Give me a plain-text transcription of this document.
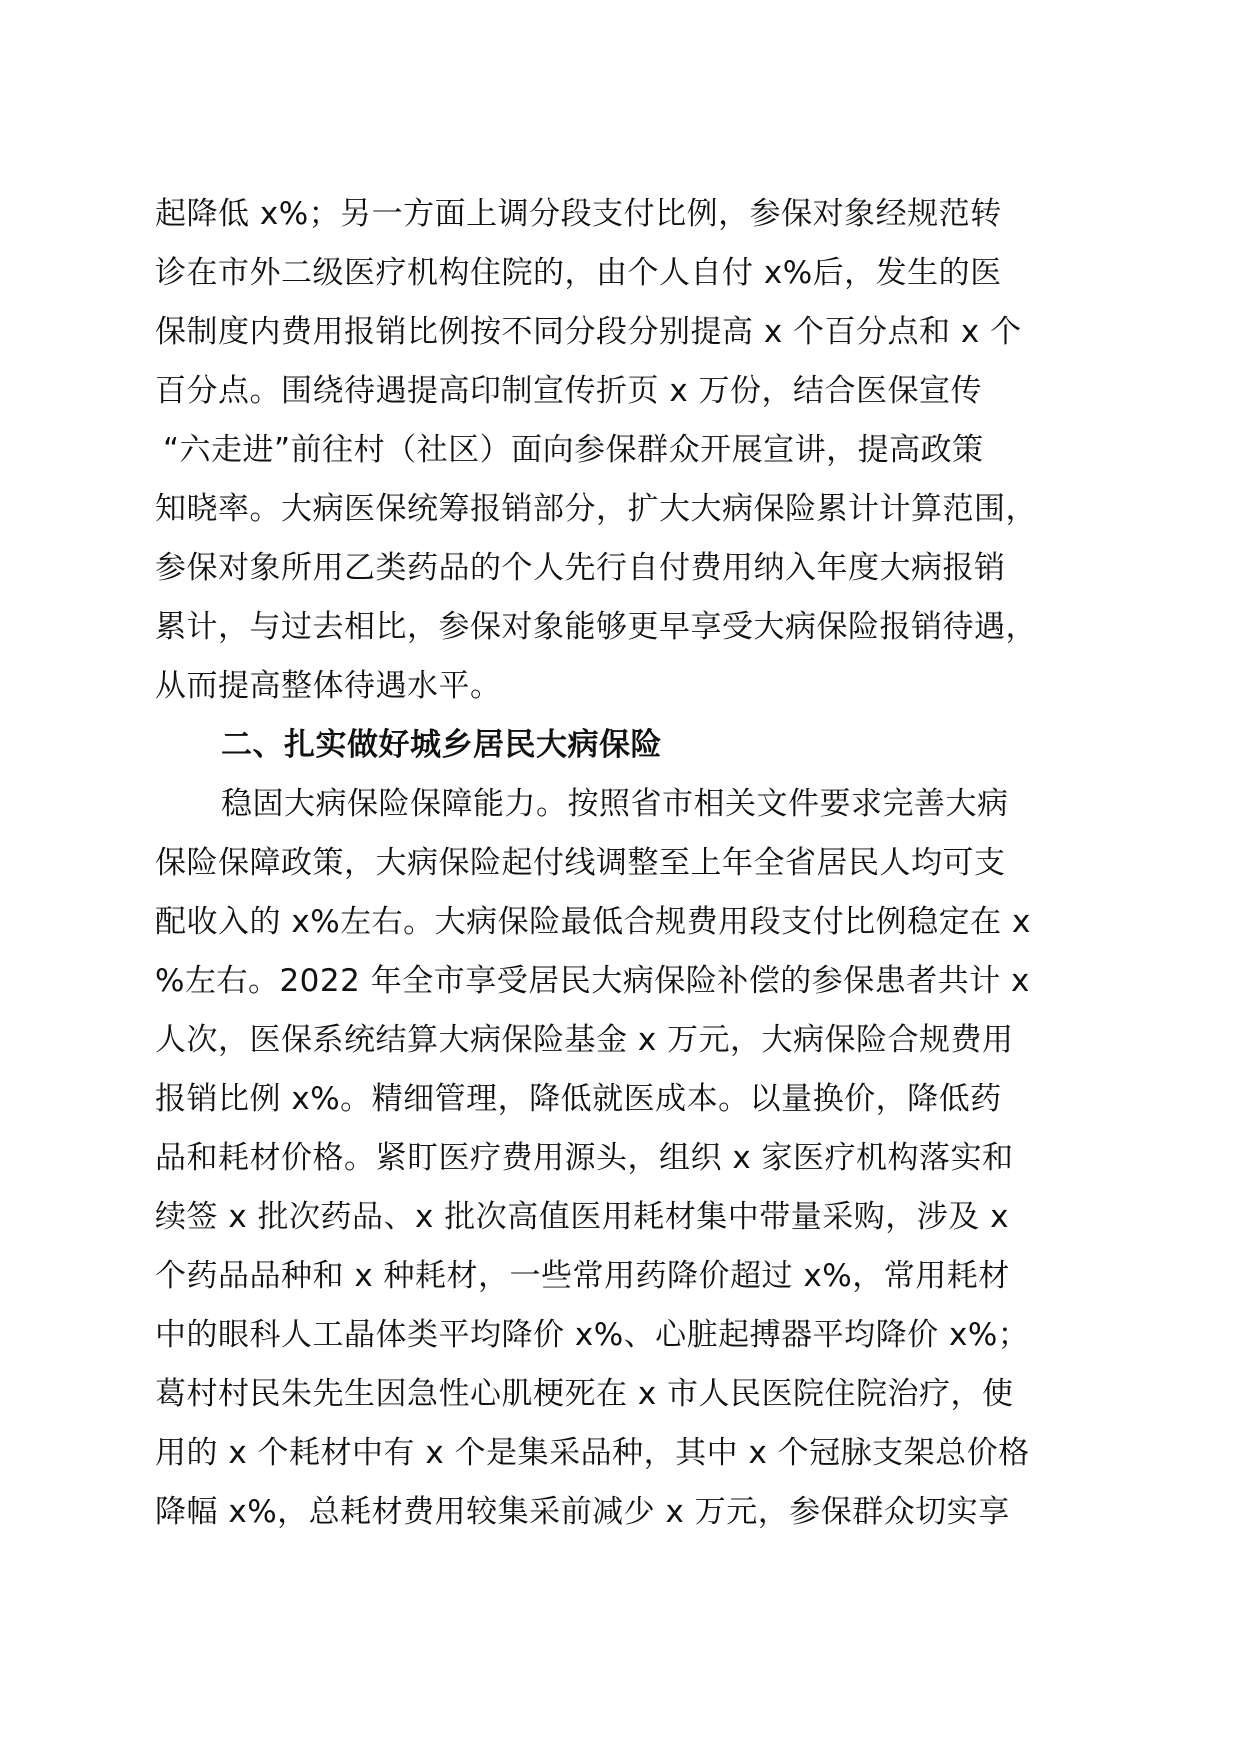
起降低 x%；另一方面上调分段支付比例，参保对象经规范转
诊在市外二级医疗机构住院的，由个人自付 x%后，发生的医
保制度内费用报销比例按不同分段分别提高 x 个百分点和 x 个
百分点。围绕待遇提高印制宣传折页 x 万份，结合医保宣传
“六走进”前往村（社区）面向参保群众开展宣讲，提高政策
知晓率。大病医保统筹报销部分，扩大大病保险累计计算范围，
参保对象所用乙类药品的个人先行自付费用纳入年度大病报销
累计，与过去相比，参保对象能够更早享受大病保险报销待遇，
从而提高整体待遇水平。
二、扎实做好城乡居民大病保险
稳固大病保险保障能力。按照省市相关文件要求完善大病
保险保障政策，大病保险起付线调整至上年全省居民人均可支
配收入的 x%左右。大病保险最低合规费用段支付比例稳定在 x
%左右。2022 年全市享受居民大病保险补偿的参保患者共计 x
人次，医保系统结算大病保险基金 x 万元，大病保险合规费用
报销比例 x%。精细管理，降低就医成本。以量换价，降低药
品和耗材价格。紧盯医疗费用源头，组织 x 家医疗机构落实和
续签 x 批次药品、x 批次高值医用耗材集中带量采购，涉及 x
个药品品种和 x 种耗材，一些常用药降价超过 x%，常用耗材
中的眼科人工晶体类平均降价 x%、心脏起搏器平均降价 x%；
葛村村民朱先生因急性心肌梗死在 x 市人民医院住院治疗，使
用的 x 个耗材中有 x 个是集采品种，其中 x 个冠脉支架总价格
降幅 x%，总耗材费用较集采前减少 x 万元，参保群众切实享
